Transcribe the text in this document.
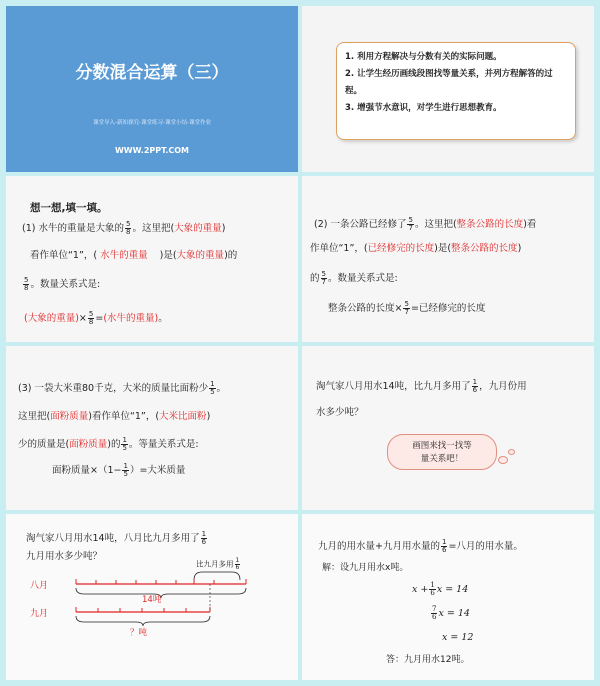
分数混合运算（三）
课堂导入-新知探究-课堂练习-课堂小结-课堂作业
WWW.2PPT.COM
1. 利用方程解决与分数有关的实际问题。
2. 让学生经历画线段图找等量关系，并列方程解答的过程。
3. 增强节水意识，对学生进行思想教育。
想一想,填一填。
(1) 水牛的重量是大象的 $\frac{5}{8}$ 。这里把(大象的重量)
看作单位“1”，( 水牛的重量 )是(大象的重量)的
$\frac{5}{8}$ 。数量关系式是:
(大象的重量)× $\frac{5}{8}$ =(水牛的重量)。
(2) 一条公路已经修了 $\frac{5}{7}$ 。这里把(整条公路的长度)看
作单位“1”，(已经修完的长度)是(整条公路的长度)
的 $\frac{5}{7}$ 。数量关系式是:
整条公路的长度× $\frac{5}{7}$ =已经修完的长度
(3) 一袋大米重80千克，大米的质量比面粉少 $\frac{1}{5}$ 。
这里把(面粉质量)看作单位“1”，(大米比面粉)
少的质量是(面粉质量)的 $\frac{1}{5}$ 。等量关系式是:
面粉质量$\times(1- \frac{1}{5}$ ）=大米质量
淘气家八月用水14吨，比九月多用了 $\frac{1}{6}$ ，九月份用
水多少吨？
画图来找一找等
量关系吧！
淘气家八月用水14吨，八月比九月多用了 $\frac{1}{6}$
九月用水多少吨？
比九月多用 $\frac{1}{6}$
八月
九月
14吨
？吨
九月的用水量+九月用水量的 $\frac{1}{6}$ =八月的用水量。
解：设九月用水x吨。
$x + \frac{1}{6}$ x = 14
$\frac{7}{6}$ x = 14
x = 12
答：九月用水12吨。
